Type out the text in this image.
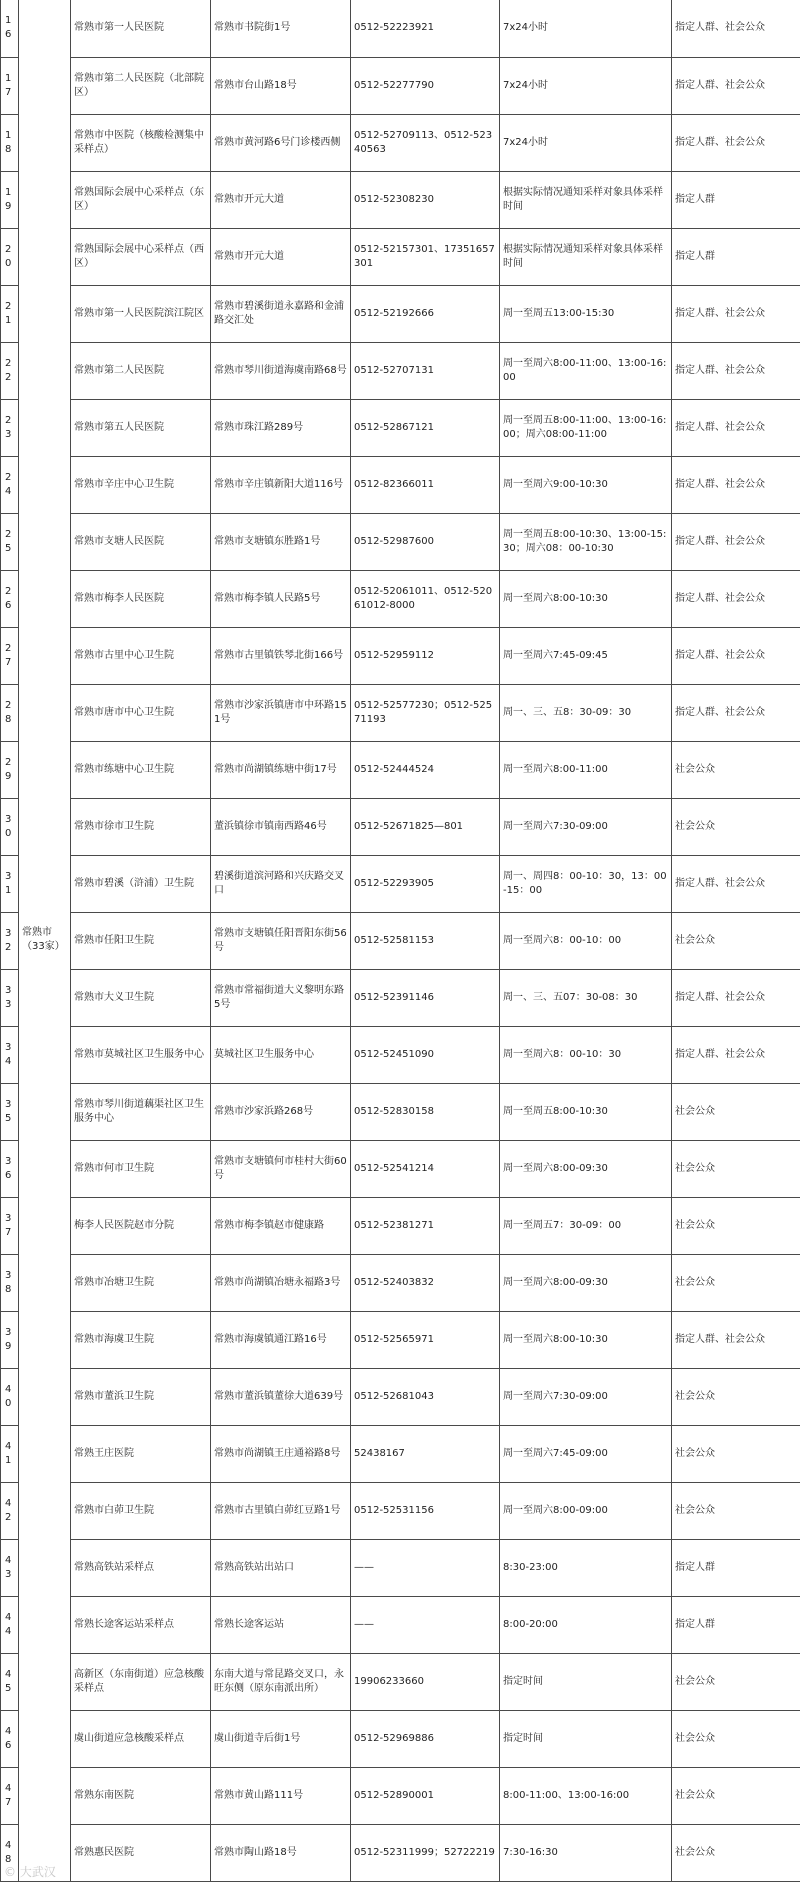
16	常熟市（33家）	常熟市第一人民医院	常熟市书院街1号	0512-52223921	7x24小时	指定人群、社会公众
17		常熟市第二人民医院（北部院区）	常熟市台山路18号	0512-52277790	7x24小时	指定人群、社会公众
18		常熟市中医院（核酸检测集中采样点）	常熟市黄河路6号门诊楼西侧	0512-52709113、0512-52340563	7x24小时	指定人群、社会公众
19		常熟国际会展中心采样点（东区）	常熟市开元大道	0512-52308230	根据实际情况通知采样对象具体采样时间	指定人群
20		常熟国际会展中心采样点（西区）	常熟市开元大道	0512-52157301、17351657301	根据实际情况通知采样对象具体采样时间	指定人群
21		常熟市第一人民医院滨江院区	常熟市碧溪街道永嘉路和金浦路交汇处	0512-52192666	周一至周五13:00-15:30	指定人群、社会公众
22		常熟市第二人民医院	常熟市琴川街道海虞南路68号	0512-52707131	周一至周六8:00-11:00、13:00-16:00	指定人群、社会公众
23		常熟市第五人民医院	常熟市珠江路289号	0512-52867121	周一至周五8:00-11:00、13:00-16:00；周六08:00-11:00	指定人群、社会公众
24		常熟市辛庄中心卫生院	常熟市辛庄镇新阳大道116号	0512-82366011	周一至周六9:00-10:30	指定人群、社会公众
25		常熟市支塘人民医院	常熟市支塘镇东胜路1号	0512-52987600	周一至周五8:00-10:30、13:00-15:30；周六08：00-10:30	指定人群、社会公众
26		常熟市梅李人民医院	常熟市梅李镇人民路5号	0512-52061011、0512-52061012-8000	周一至周六8:00-10:30	指定人群、社会公众
27		常熟市古里中心卫生院	常熟市古里镇铁琴北街166号	0512-52959112	周一至周六7:45-09:45	指定人群、社会公众
28		常熟市唐市中心卫生院	常熟市沙家浜镇唐市中环路151号	0512-52577230；0512-52571193	周一、三、五8：30-09：30	指定人群、社会公众
29		常熟市练塘中心卫生院	常熟市尚湖镇练塘中街17号	0512-52444524	周一至周六8:00-11:00	社会公众
30		常熟市徐市卫生院	董浜镇徐市镇南西路46号	0512-52671825—801	周一至周六7:30-09:00	社会公众
31		常熟市碧溪（浒浦）卫生院	碧溪街道滨河路和兴庆路交叉口	0512-52293905	周一、周四8：00-10：30，13：00-15：00	指定人群、社会公众
32		常熟市任阳卫生院	常熟市支塘镇任阳晋阳东街56号	0512-52581153	周一至周六8：00-10：00	社会公众
33		常熟市大义卫生院	常熟市常福街道大义黎明东路5号	0512-52391146	周一、三、五07：30-08：30	指定人群、社会公众
34		常熟市莫城社区卫生服务中心	莫城社区卫生服务中心	0512-52451090	周一至周六8：00-10：30	指定人群、社会公众
35		常熟市琴川街道藕渠社区卫生服务中心	常熟市沙家浜路268号	0512-52830158	周一至周五8:00-10:30	社会公众
36		常熟市何市卫生院	常熟市支塘镇何市桂村大街60号	0512-52541214	周一至周六8:00-09:30	社会公众
37		梅李人民医院赵市分院	常熟市梅李镇赵市健康路	0512-52381271	周一至周五7：30-09：00	社会公众
38		常熟市冶塘卫生院	常熟市尚湖镇冶塘永福路3号	0512-52403832	周一至周六8:00-09:30	社会公众
39		常熟市海虞卫生院	常熟市海虞镇通江路16号	0512-52565971	周一至周六8:00-10:30	指定人群、社会公众
40		常熟市董浜卫生院	常熟市董浜镇董徐大道639号	0512-52681043	周一至周六7:30-09:00	社会公众
41		常熟王庄医院	常熟市尚湖镇王庄通裕路8号	52438167	周一至周六7:45-09:00	社会公众
42		常熟市白茆卫生院	常熟市古里镇白茆红豆路1号	0512-52531156	周一至周六8:00-09:00	社会公众
43		常熟高铁站采样点	常熟高铁站出站口	——	8:30-23:00	指定人群
44		常熟长途客运站采样点	常熟长途客运站	——	8:00-20:00	指定人群
45		高新区（东南街道）应急核酸采样点	东南大道与常昆路交叉口，永旺东侧（原东南派出所）	19906233660	指定时间	社会公众
46		虞山街道应急核酸采样点	虞山街道寺后街1号	0512-52969886	指定时间	社会公众
47		常熟东南医院	常熟市黄山路111号	0512-52890001	8:00-11:00、13:00-16:00	社会公众
48		常熟惠民医院	常熟市陶山路18号	0512-52311999；52722219	7:30-16:30	社会公众
© 大武汉
